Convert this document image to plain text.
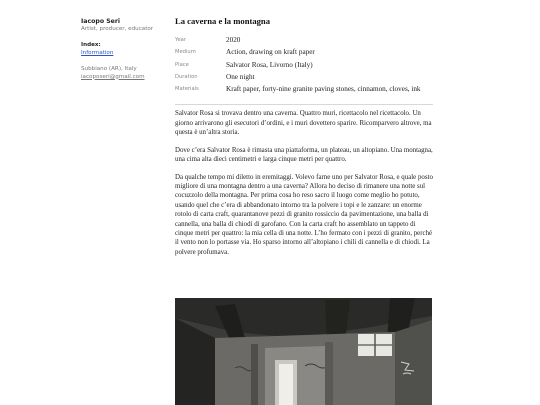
Iacopo Seri
Artist, producer, educator
Index:
Information
Subbiano (AR), Italy
iacoposeri@gmail.com
La caverna e la montagna
Year	2020
Medium	Action, drawing on kraft paper
Place	Salvator Rosa, Livorno (Italy)
Duration	One night
Materials	Kraft paper, forty-nine granite paving stones, cinnamon, cloves, ink

Salvator Rosa si trovava dentro una caverna. Quattro muri, ricettacolo nel ricettacolo. Un giorno arrivarono gli esecutori d’ordini, e i muri dovettero sparire. Ricomparvero altrove, ma questa è un’altra storia.

Dove c’era Salvator Rosa è rimasta una piattaforma, un plateau, un altopiano. Una montagna, una cima alta dieci centimetri e larga cinque metri per quattro.

Da qualche tempo mi diletto in eremitaggi. Volevo farne uno per Salvator Rosa, e quale posto migliore di una montagna dentro a una caverna? Allora ho deciso di rimanere una notte sul cocuzzolo della montagna. Per prima cosa ho reso sacro il luogo come meglio ho potuto, usando quel che c’era di abbandonato intorno tra la polvere i topi e le zanzare: un enorme rotolo di carta craft, quarantanove pezzi di granito rossiccio da pavimentazione, una balla di cannella, una balla di chiodi di garofano. Con la carta craft ho assemblato un tappeto di cinque metri per quattro: la mia cella di una notte. L’ho fermato con i pezzi di granito, perché il vento non lo portasse via. Ho sparso intorno all’altopiano i chili di cannella e di chiodi. La polvere profumava.
